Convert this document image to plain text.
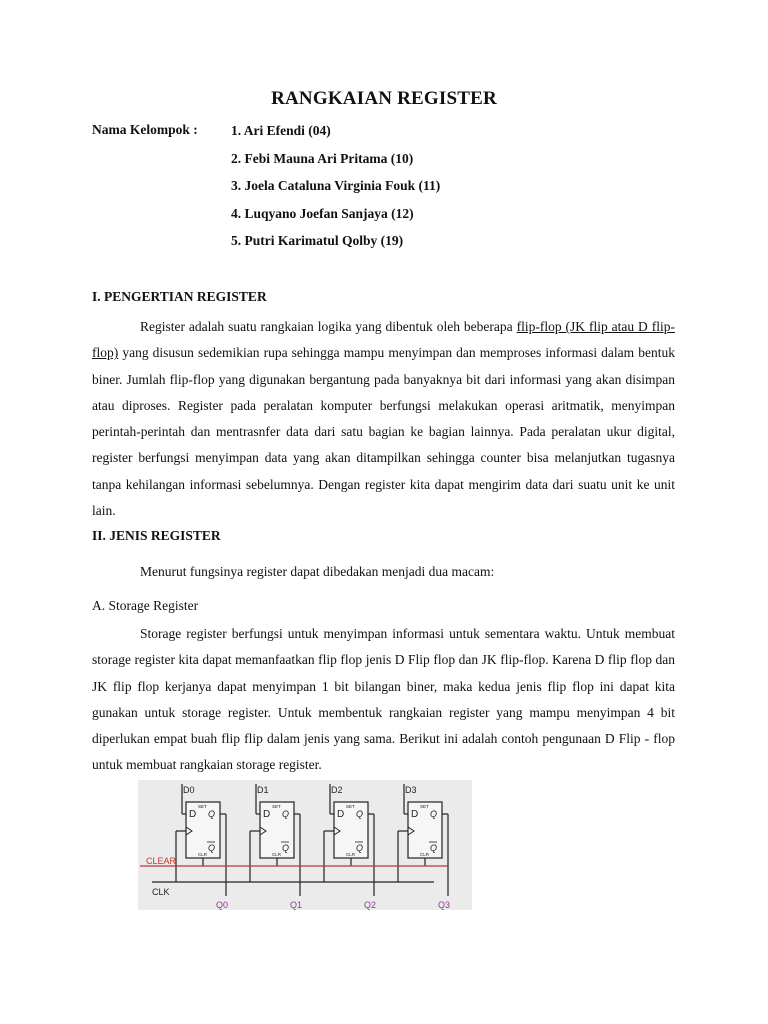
RANGKAIAN REGISTER
Nama Kelompok : 1. Ari Efendi (04)
2. Febi Mauna Ari Pritama (10)
3. Joela Cataluna Virginia Fouk (11)
4. Luqyano Joefan Sanjaya (12)
5. Putri Karimatul Qolby (19)
I. PENGERTIAN REGISTER
Register adalah suatu rangkaian logika yang dibentuk oleh beberapa flip-flop (JK flip atau D flip-flop) yang disusun sedemikian rupa sehingga mampu menyimpan dan memproses informasi dalam bentuk biner. Jumlah flip-flop yang digunakan bergantung pada banyaknya bit dari informasi yang akan disimpan atau diproses. Register pada peralatan komputer berfungsi melakukan operasi aritmatik, menyimpan perintah-perintah dan mentrasnfer data dari satu bagian ke bagian lainnya. Pada peralatan ukur digital, register berfungsi menyimpan data yang akan ditampilkan sehingga counter bisa melanjutkan tugasnya tanpa kehilangan informasi sebelumnya. Dengan register kita dapat mengirim data dari suatu unit ke unit lain.
II. JENIS REGISTER
Menurut fungsinya register dapat dibedakan menjadi dua macam:
A. Storage Register
Storage register berfungsi untuk menyimpan informasi untuk sementara waktu. Untuk membuat storage register kita dapat memanfaatkan flip flop jenis D Flip flop dan JK flip-flop. Karena D flip flop dan JK flip flop kerjanya dapat menyimpan 1 bit bilangan biner, maka kedua jenis flip flop ini dapat kita gunakan untuk storage register. Untuk membentuk rangkaian register yang mampu menyimpan 4 bit diperlukan empat buah flip flip dalam jenis yang sama. Berikut ini adalah contoh pengunaan D Flip - flop untuk membuat rangkaian storage register.
D0
Q0
D Q
Q
SET
CLR
D1
Q1
D Q
Q
SET
CLR
D2
Q2
D Q
Q
SET
CLR
D3
Q3
D Q
Q
SET
CLR
CLEAR
CLK
